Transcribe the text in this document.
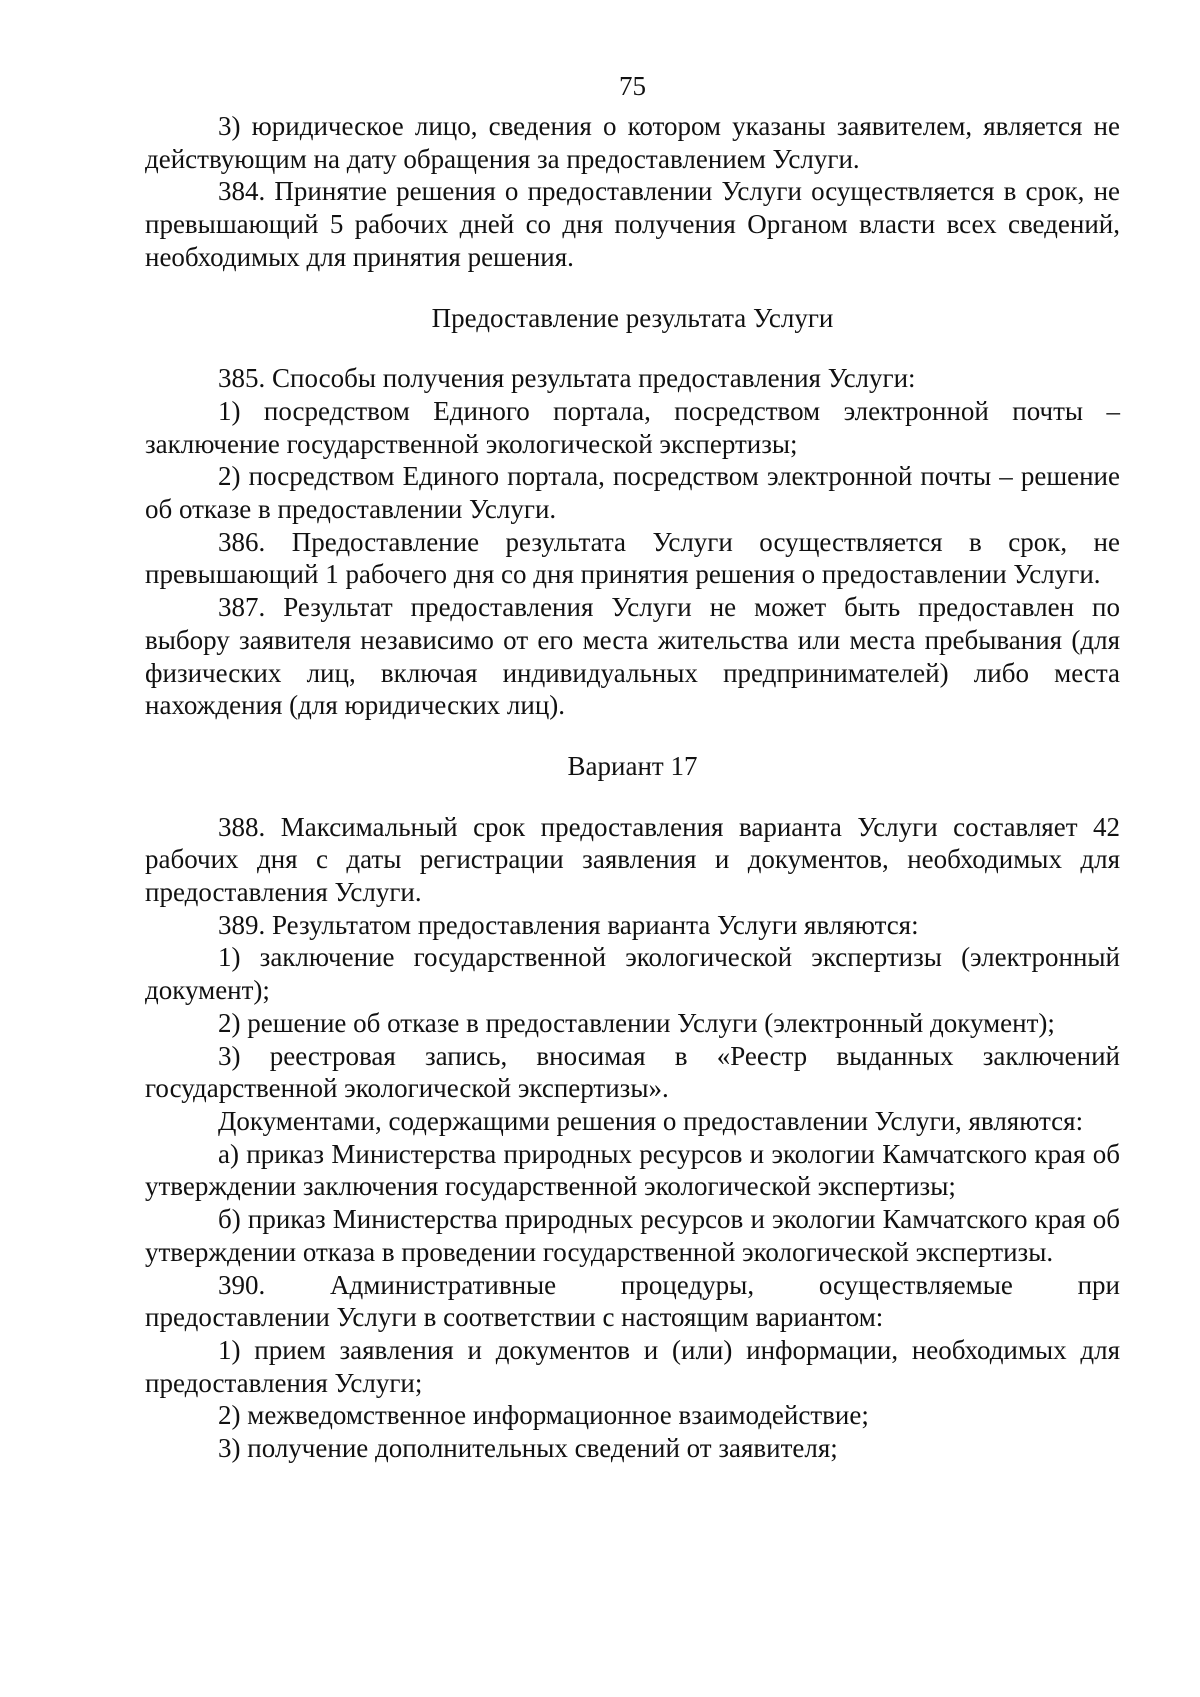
75

3) юридическое лицо, сведения о котором указаны заявителем, является не действующим на дату обращения за предоставлением Услуги.

384. Принятие решения о предоставлении Услуги осуществляется в срок, не превышающий 5 рабочих дней со дня получения Органом власти всех сведений, необходимых для принятия решения.

Предоставление результата Услуги

385. Способы получения результата предоставления Услуги:

1) посредством Единого портала, посредством электронной почты – заключение государственной экологической экспертизы;

2) посредством Единого портала, посредством электронной почты – решение об отказе в предоставлении Услуги.

386. Предоставление результата Услуги осуществляется в срок, не превышающий 1 рабочего дня со дня принятия решения о предоставлении Услуги.

387. Результат предоставления Услуги не может быть предоставлен по выбору заявителя независимо от его места жительства или места пребывания (для физических лиц, включая индивидуальных предпринимателей) либо места нахождения (для юридических лиц).

Вариант 17

388. Максимальный срок предоставления варианта Услуги составляет 42 рабочих дня с даты регистрации заявления и документов, необходимых для предоставления Услуги.

389. Результатом предоставления варианта Услуги являются:

1) заключение государственной экологической экспертизы (электронный документ);

2) решение об отказе в предоставлении Услуги (электронный документ);

3) реестровая запись, вносимая в «Реестр выданных заключений государственной экологической экспертизы».

Документами, содержащими решения о предоставлении Услуги, являются:

а) приказ Министерства природных ресурсов и экологии Камчатского края об утверждении заключения государственной экологической экспертизы;

б) приказ Министерства природных ресурсов и экологии Камчатского края об утверждении отказа в проведении государственной экологической экспертизы.

390. Административные процедуры, осуществляемые при

предоставлении Услуги в соответствии с настоящим вариантом:

1) прием заявления и документов и (или) информации, необходимых для предоставления Услуги;

2) межведомственное информационное взаимодействие;

3) получение дополнительных сведений от заявителя;
